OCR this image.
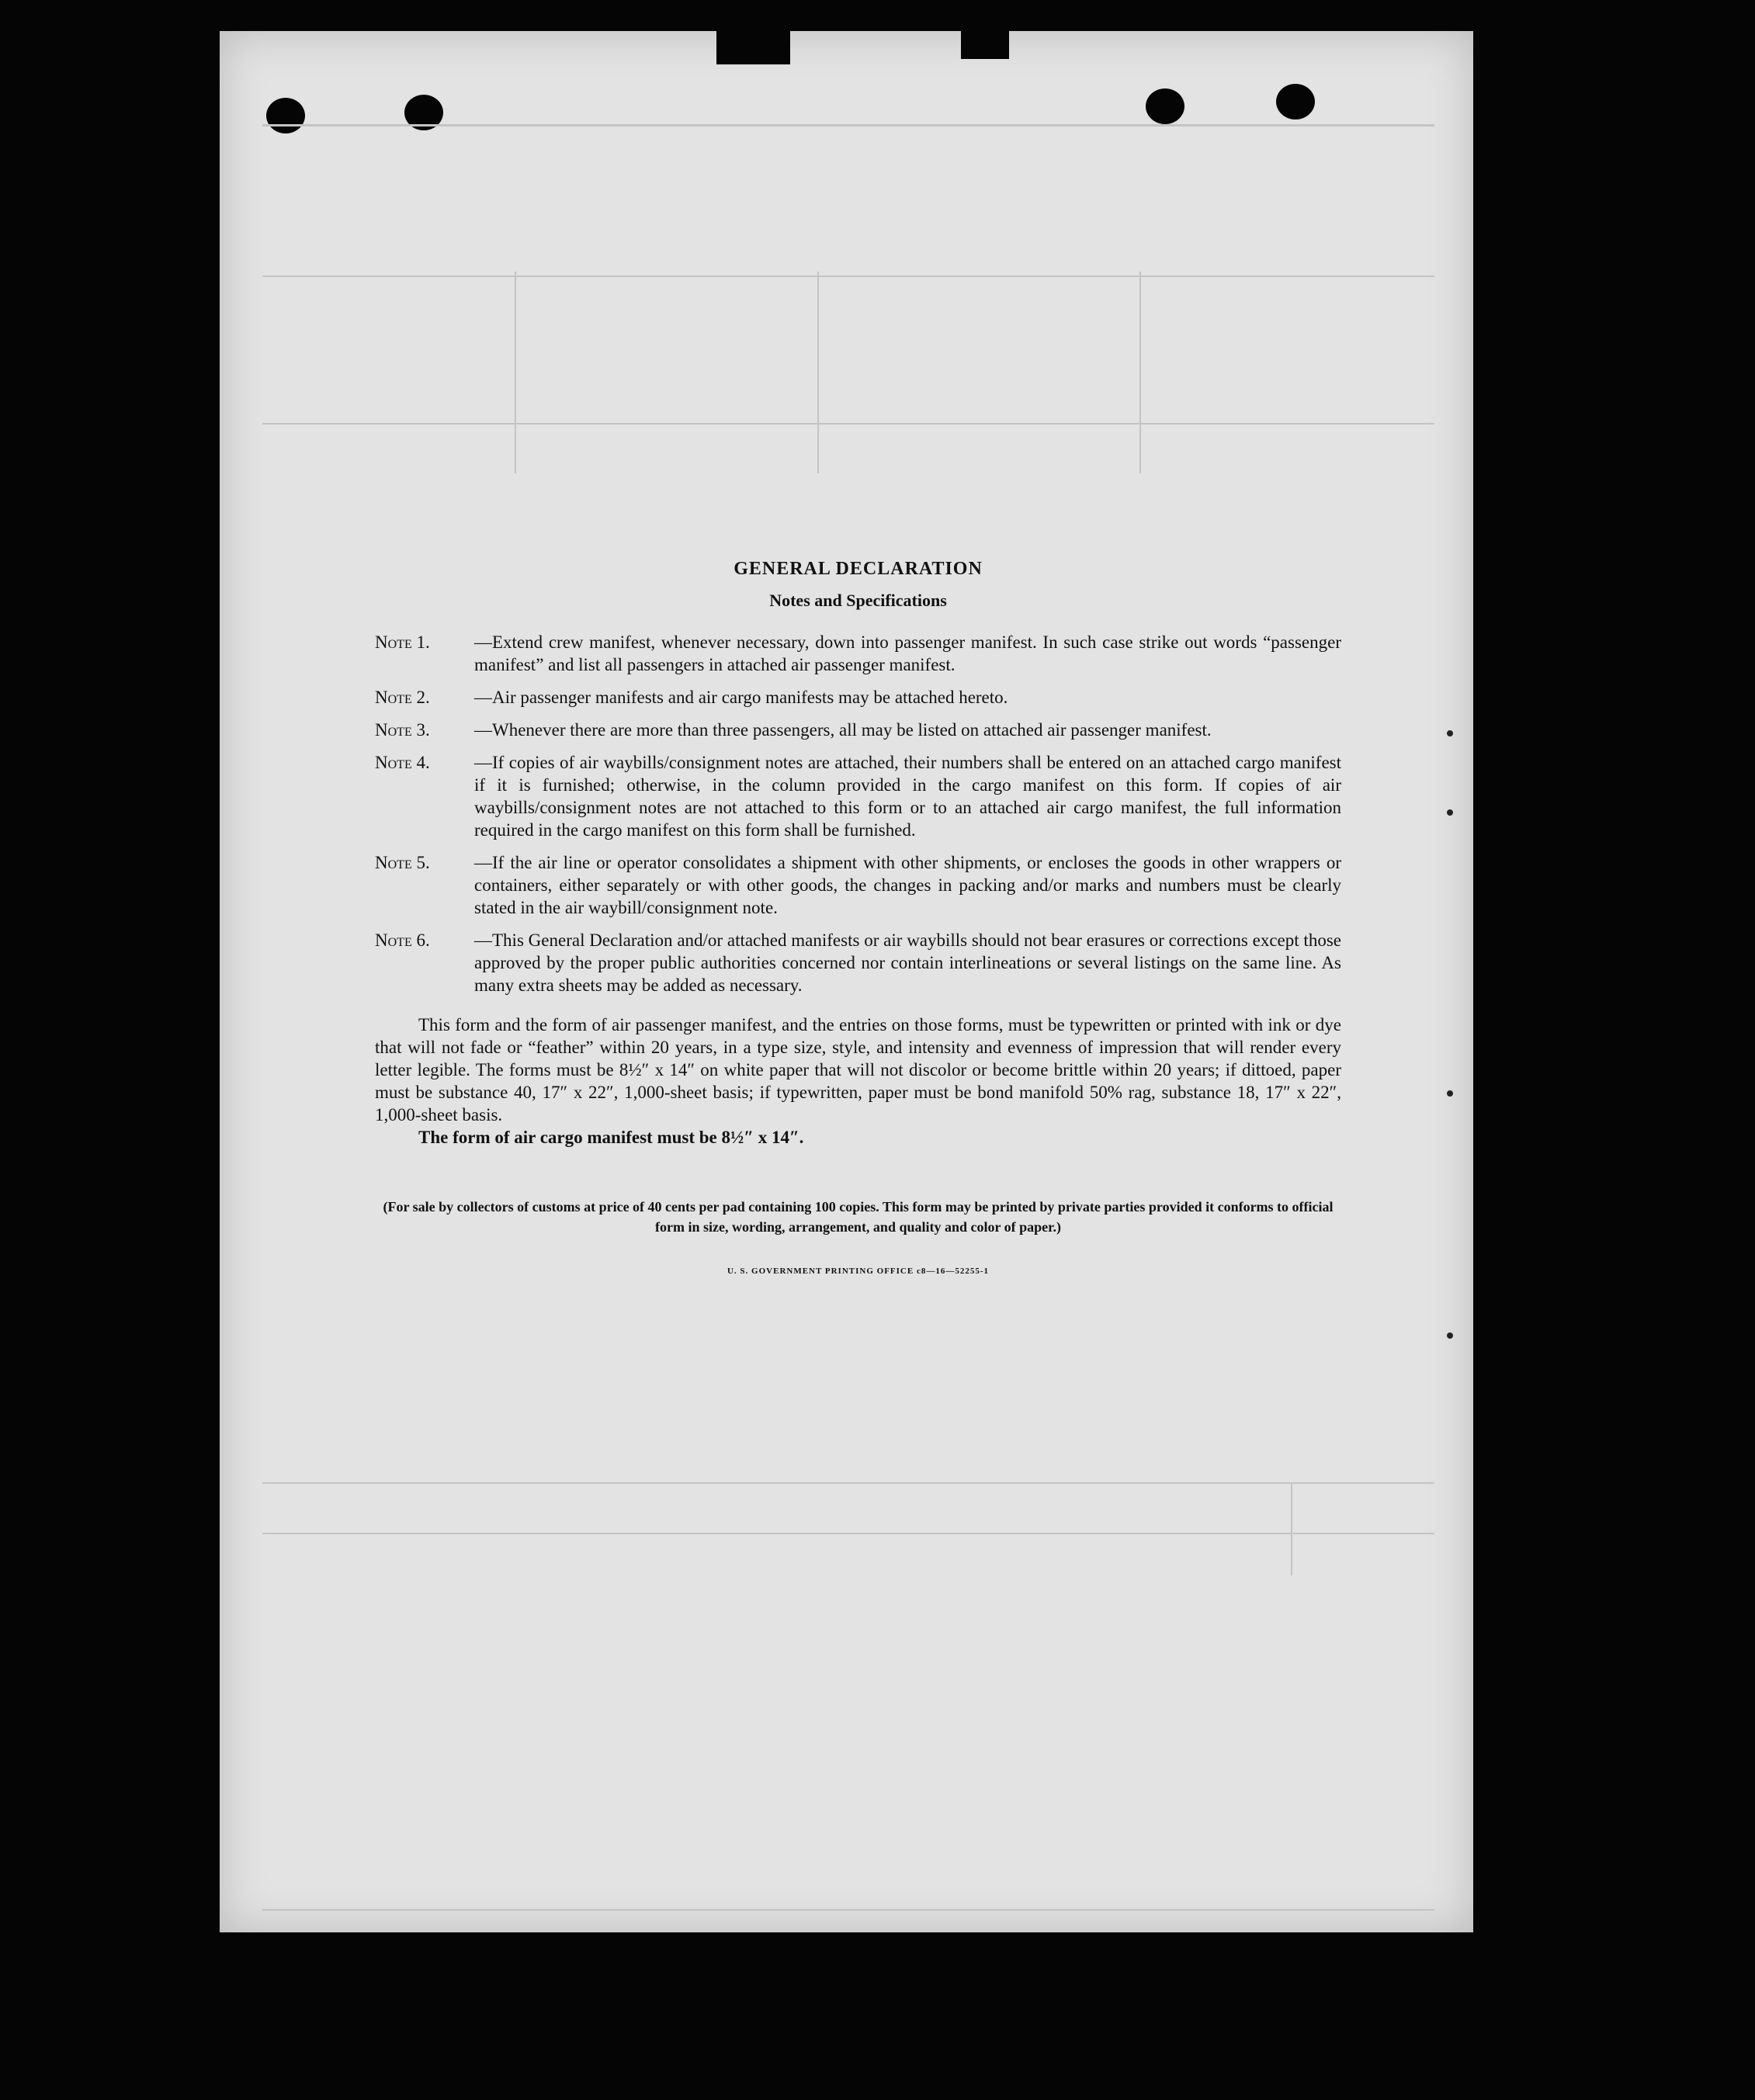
GENERAL DECLARATION
Notes and Specifications
Note 1.	—Extend crew manifest, whenever necessary, down into passenger manifest. In such case strike out words “passenger manifest” and list all passengers in attached air passenger manifest.
Note 2.	—Air passenger manifests and air cargo manifests may be attached hereto.
Note 3.	—Whenever there are more than three passengers, all may be listed on attached air passenger manifest.
Note 4.	—If copies of air waybills/consignment notes are attached, their numbers shall be entered on an attached cargo manifest if it is furnished; otherwise, in the column provided in the cargo manifest on this form. If copies of air waybills/consignment notes are not attached to this form or to an attached air cargo manifest, the full information required in the cargo manifest on this form shall be furnished.
Note 5.	—If the air line or operator consolidates a shipment with other shipments, or encloses the goods in other wrappers or containers, either separately or with other goods, the changes in packing and/or marks and numbers must be clearly stated in the air waybill/consignment note.
Note 6.	—This General Declaration and/or attached manifests or air waybills should not bear erasures or corrections except those approved by the proper public authorities concerned nor contain interlineations or several listings on the same line. As many extra sheets may be added as necessary.
This form and the form of air passenger manifest, and the entries on those forms, must be typewritten or printed with ink or dye that will not fade or “feather” within 20 years, in a type size, style, and intensity and evenness of impression that will render every letter legible. The forms must be 8½″ x 14″ on white paper that will not discolor or become brittle within 20 years; if dittoed, paper must be substance 40, 17″ x 22″, 1,000-sheet basis; if typewritten, paper must be bond manifold 50% rag, substance 18, 17″ x 22″, 1,000-sheet basis.
The form of air cargo manifest must be 8½″ x 14″.
(For sale by collectors of customs at price of 40 cents per pad containing 100 copies. This form may be printed by private parties provided it conforms to official form in size, wording, arrangement, and quality and color of paper.)
U. S. GOVERNMENT PRINTING OFFICE c8—16—52255-1
